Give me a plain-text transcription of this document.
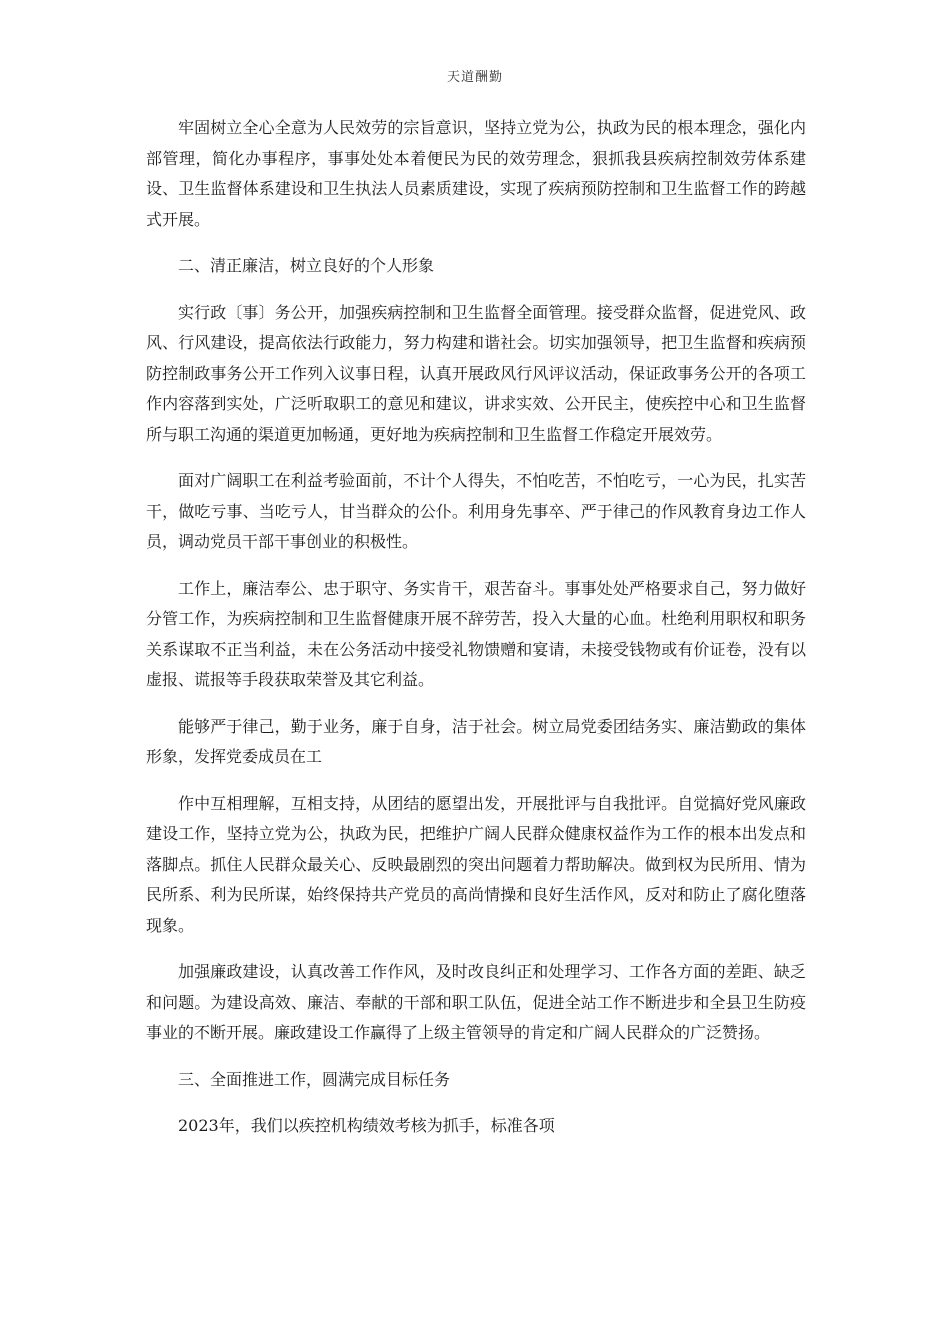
天道酬勤

牢固树立全心全意为人民效劳的宗旨意识，坚持立党为公，执政为民的根本理念，强化内部管理，简化办事程序，事事处处本着便民为民的效劳理念，狠抓我县疾病控制效劳体系建设、卫生监督体系建设和卫生执法人员素质建设，实现了疾病预防控制和卫生监督工作的跨越式开展。

二、清正廉洁，树立良好的个人形象

实行政〔事〕务公开，加强疾病控制和卫生监督全面管理。接受群众监督，促进党风、政风、行风建设，提高依法行政能力，努力构建和谐社会。切实加强领导，把卫生监督和疾病预防控制政事务公开工作列入议事日程，认真开展政风行风评议活动，保证政事务公开的各项工作内容落到实处，广泛听取职工的意见和建议，讲求实效、公开民主，使疾控中心和卫生监督所与职工沟通的渠道更加畅通，更好地为疾病控制和卫生监督工作稳定开展效劳。

面对广阔职工在利益考验面前，不计个人得失，不怕吃苦，不怕吃亏，一心为民，扎实苦干，做吃亏事、当吃亏人，甘当群众的公仆。利用身先事卒、严于律己的作风教育身边工作人员，调动党员干部干事创业的积极性。

工作上，廉洁奉公、忠于职守、务实肯干，艰苦奋斗。事事处处严格要求自己，努力做好分管工作，为疾病控制和卫生监督健康开展不辞劳苦，投入大量的心血。杜绝利用职权和职务关系谋取不正当利益，未在公务活动中接受礼物馈赠和宴请，未接受钱物或有价证卷，没有以虚报、谎报等手段获取荣誉及其它利益。

能够严于律己，勤于业务，廉于自身，洁于社会。树立局党委团结务实、廉洁勤政的集体形象，发挥党委成员在工

作中互相理解，互相支持，从团结的愿望出发，开展批评与自我批评。自觉搞好党风廉政建设工作，坚持立党为公，执政为民，把维护广阔人民群众健康权益作为工作的根本出发点和落脚点。抓住人民群众最关心、反映最剧烈的突出问题着力帮助解决。做到权为民所用、情为民所系、利为民所谋，始终保持共产党员的高尚情操和良好生活作风，反对和防止了腐化堕落现象。

加强廉政建设，认真改善工作作风，及时改良纠正和处理学习、工作各方面的差距、缺乏和问题。为建设高效、廉洁、奉献的干部和职工队伍，促进全站工作不断进步和全县卫生防疫事业的不断开展。廉政建设工作赢得了上级主管领导的肯定和广阔人民群众的广泛赞扬。

三、全面推进工作，圆满完成目标任务

2023年，我们以疾控机构绩效考核为抓手，标准各项
